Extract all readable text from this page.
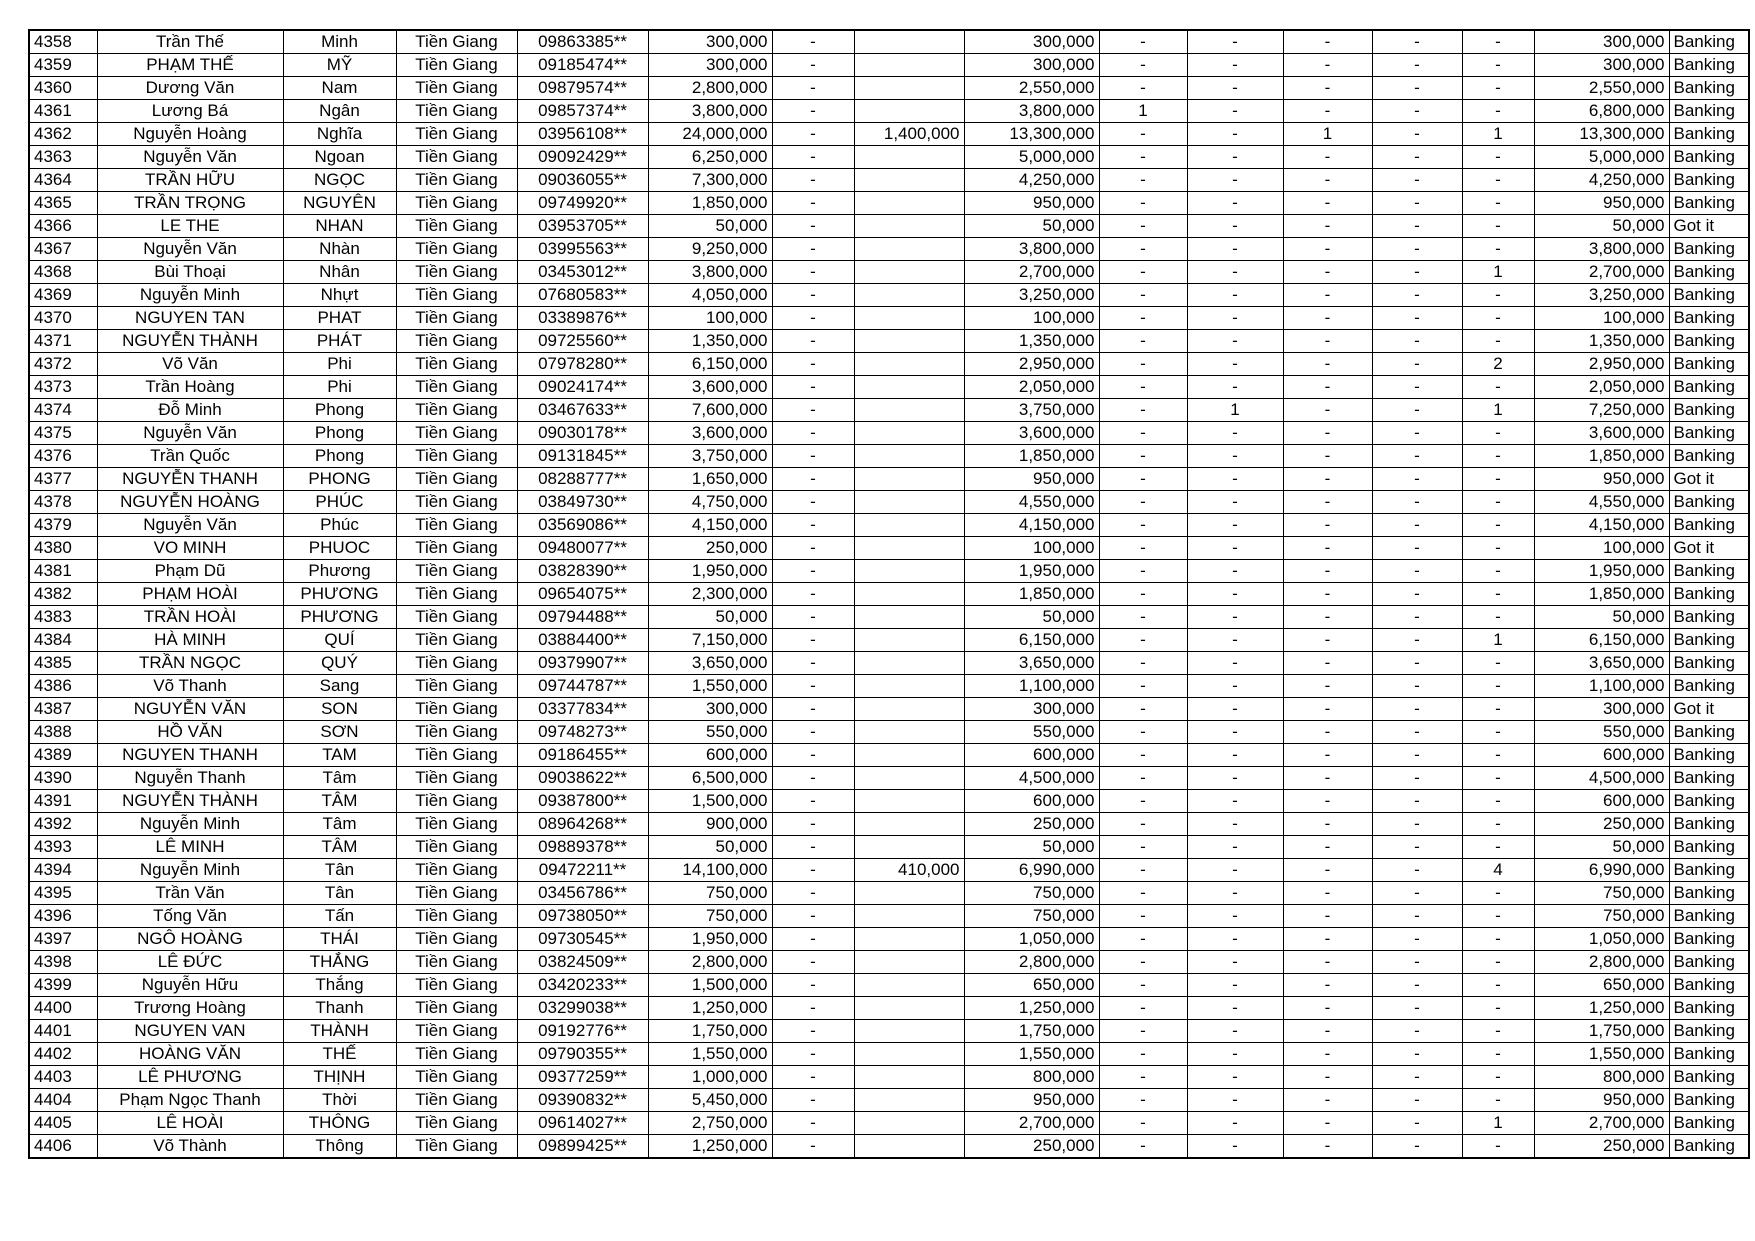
4358	Trần Thế	Minh	Tiền Giang	09863385**	300,000	-		300,000	-	-	-	-	-	300,000	Banking
4359	PHẠM THẾ	MỸ	Tiền Giang	09185474**	300,000	-		300,000	-	-	-	-	-	300,000	Banking
4360	Dương Văn	Nam	Tiền Giang	09879574**	2,800,000	-		2,550,000	-	-	-	-	-	2,550,000	Banking
4361	Lương Bá	Ngân	Tiền Giang	09857374**	3,800,000	-		3,800,000	1	-	-	-	-	6,800,000	Banking
4362	Nguyễn Hoàng	Nghĩa	Tiền Giang	03956108**	24,000,000	-	1,400,000	13,300,000	-	-	1	-	1	13,300,000	Banking
4363	Nguyễn Văn	Ngoan	Tiền Giang	09092429**	6,250,000	-		5,000,000	-	-	-	-	-	5,000,000	Banking
4364	TRẦN HỮU	NGỌC	Tiền Giang	09036055**	7,300,000	-		4,250,000	-	-	-	-	-	4,250,000	Banking
4365	TRẦN TRỌNG	NGUYÊN	Tiền Giang	09749920**	1,850,000	-		950,000	-	-	-	-	-	950,000	Banking
4366	LE THE	NHAN	Tiền Giang	03953705**	50,000	-		50,000	-	-	-	-	-	50,000	Got it
4367	Nguyễn Văn	Nhàn	Tiền Giang	03995563**	9,250,000	-		3,800,000	-	-	-	-	-	3,800,000	Banking
4368	Bùi Thoại	Nhân	Tiền Giang	03453012**	3,800,000	-		2,700,000	-	-	-	-	1	2,700,000	Banking
4369	Nguyễn Minh	Nhựt	Tiền Giang	07680583**	4,050,000	-		3,250,000	-	-	-	-	-	3,250,000	Banking
4370	NGUYEN TAN	PHAT	Tiền Giang	03389876**	100,000	-		100,000	-	-	-	-	-	100,000	Banking
4371	NGUYỄN THÀNH	PHÁT	Tiền Giang	09725560**	1,350,000	-		1,350,000	-	-	-	-	-	1,350,000	Banking
4372	Võ Văn	Phi	Tiền Giang	07978280**	6,150,000	-		2,950,000	-	-	-	-	2	2,950,000	Banking
4373	Trần Hoàng	Phi	Tiền Giang	09024174**	3,600,000	-		2,050,000	-	-	-	-	-	2,050,000	Banking
4374	Đỗ Minh	Phong	Tiền Giang	03467633**	7,600,000	-		3,750,000	-	1	-	-	1	7,250,000	Banking
4375	Nguyễn Văn	Phong	Tiền Giang	09030178**	3,600,000	-		3,600,000	-	-	-	-	-	3,600,000	Banking
4376	Trần Quốc	Phong	Tiền Giang	09131845**	3,750,000	-		1,850,000	-	-	-	-	-	1,850,000	Banking
4377	NGUYỄN THANH	PHONG	Tiền Giang	08288777**	1,650,000	-		950,000	-	-	-	-	-	950,000	Got it
4378	NGUYỄN HOÀNG	PHÚC	Tiền Giang	03849730**	4,750,000	-		4,550,000	-	-	-	-	-	4,550,000	Banking
4379	Nguyễn Văn	Phúc	Tiền Giang	03569086**	4,150,000	-		4,150,000	-	-	-	-	-	4,150,000	Banking
4380	VO MINH	PHUOC	Tiền Giang	09480077**	250,000	-		100,000	-	-	-	-	-	100,000	Got it
4381	Phạm Dũ	Phương	Tiền Giang	03828390**	1,950,000	-		1,950,000	-	-	-	-	-	1,950,000	Banking
4382	PHẠM HOÀI	PHƯƠNG	Tiền Giang	09654075**	2,300,000	-		1,850,000	-	-	-	-	-	1,850,000	Banking
4383	TRẦN HOÀI	PHƯƠNG	Tiền Giang	09794488**	50,000	-		50,000	-	-	-	-	-	50,000	Banking
4384	HÀ MINH	QUÍ	Tiền Giang	03884400**	7,150,000	-		6,150,000	-	-	-	-	1	6,150,000	Banking
4385	TRẦN NGỌC	QUÝ	Tiền Giang	09379907**	3,650,000	-		3,650,000	-	-	-	-	-	3,650,000	Banking
4386	Võ Thanh	Sang	Tiền Giang	09744787**	1,550,000	-		1,100,000	-	-	-	-	-	1,100,000	Banking
4387	NGUYỄN VĂN	SON	Tiền Giang	03377834**	300,000	-		300,000	-	-	-	-	-	300,000	Got it
4388	HỒ VĂN	SƠN	Tiền Giang	09748273**	550,000	-		550,000	-	-	-	-	-	550,000	Banking
4389	NGUYEN THANH	TAM	Tiền Giang	09186455**	600,000	-		600,000	-	-	-	-	-	600,000	Banking
4390	Nguyễn Thanh	Tâm	Tiền Giang	09038622**	6,500,000	-		4,500,000	-	-	-	-	-	4,500,000	Banking
4391	NGUYỄN THÀNH	TÂM	Tiền Giang	09387800**	1,500,000	-		600,000	-	-	-	-	-	600,000	Banking
4392	Nguyễn Minh	Tâm	Tiền Giang	08964268**	900,000	-		250,000	-	-	-	-	-	250,000	Banking
4393	LÊ MINH	TÂM	Tiền Giang	09889378**	50,000	-		50,000	-	-	-	-	-	50,000	Banking
4394	Nguyễn Minh	Tân	Tiền Giang	09472211**	14,100,000	-	410,000	6,990,000	-	-	-	-	4	6,990,000	Banking
4395	Trần Văn	Tân	Tiền Giang	03456786**	750,000	-		750,000	-	-	-	-	-	750,000	Banking
4396	Tống Văn	Tấn	Tiền Giang	09738050**	750,000	-		750,000	-	-	-	-	-	750,000	Banking
4397	NGÔ HOÀNG	THÁI	Tiền Giang	09730545**	1,950,000	-		1,050,000	-	-	-	-	-	1,050,000	Banking
4398	LÊ ĐỨC	THẮNG	Tiền Giang	03824509**	2,800,000	-		2,800,000	-	-	-	-	-	2,800,000	Banking
4399	Nguyễn Hữu	Thắng	Tiền Giang	03420233**	1,500,000	-		650,000	-	-	-	-	-	650,000	Banking
4400	Trương Hoàng	Thanh	Tiền Giang	03299038**	1,250,000	-		1,250,000	-	-	-	-	-	1,250,000	Banking
4401	NGUYEN VAN	THÀNH	Tiền Giang	09192776**	1,750,000	-		1,750,000	-	-	-	-	-	1,750,000	Banking
4402	HOÀNG VĂN	THẾ	Tiền Giang	09790355**	1,550,000	-		1,550,000	-	-	-	-	-	1,550,000	Banking
4403	LÊ PHƯƠNG	THỊNH	Tiền Giang	09377259**	1,000,000	-		800,000	-	-	-	-	-	800,000	Banking
4404	Phạm Ngọc Thanh	Thời	Tiền Giang	09390832**	5,450,000	-		950,000	-	-	-	-	-	950,000	Banking
4405	LÊ HOÀI	THÔNG	Tiền Giang	09614027**	2,750,000	-		2,700,000	-	-	-	-	1	2,700,000	Banking
4406	Võ Thành	Thông	Tiền Giang	09899425**	1,250,000	-		250,000	-	-	-	-	-	250,000	Banking
